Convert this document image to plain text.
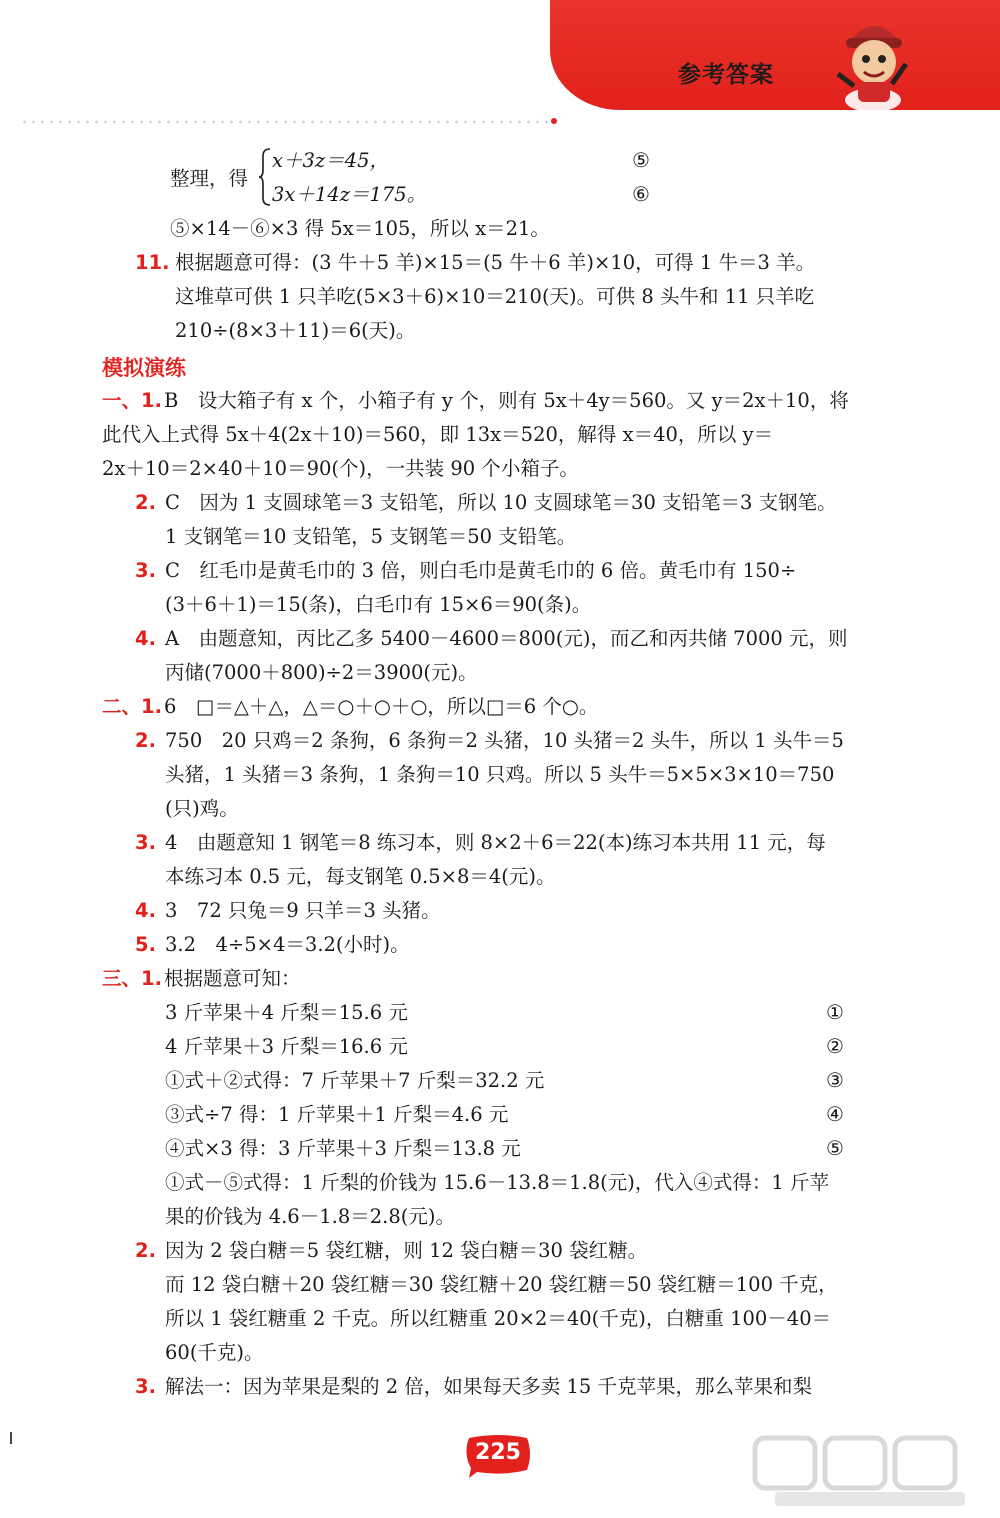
参考答案
整理，得
x＋3z＝45，	⑤
3x＋14z＝175。	⑥
⑤×14－⑥×3 得 5x＝105，所以 x＝21。
11. 根据题意可得：(3 牛＋5 羊)×15＝(5 牛＋6 羊)×10，可得 1 牛＝3 羊。
这堆草可供 1 只羊吃(5×3＋6)×10＝210(天)。可供 8 头牛和 11 只羊吃
210÷(8×3＋11)＝6(天)。
模拟演练
一、1. B　设大箱子有 x 个，小箱子有 y 个，则有 5x＋4y＝560。又 y＝2x＋10，将
此代入上式得 5x＋4(2x＋10)＝560，即 13x＝520，解得 x＝40，所以 y＝
2x＋10＝2×40＋10＝90(个)，一共装 90 个小箱子。
2. C　因为 1 支圆球笔＝3 支铅笔，所以 10 支圆球笔＝30 支铅笔＝3 支钢笔。
1 支钢笔＝10 支铅笔，5 支钢笔＝50 支铅笔。
3. C　红毛巾是黄毛巾的 3 倍，则白毛巾是黄毛巾的 6 倍。黄毛巾有 150÷
(3＋6＋1)＝15(条)，白毛巾有 15×6＝90(条)。
4. A　由题意知，丙比乙多 5400－4600＝800(元)，而乙和丙共储 7000 元，则
丙储(7000＋800)÷2＝3900(元)。
二、1. 6　□＝△＋△，△＝○＋○＋○，所以□＝6 个○。
2. 750　20 只鸡＝2 条狗，6 条狗＝2 头猪，10 头猪＝2 头牛，所以 1 头牛＝5
头猪，1 头猪＝3 条狗，1 条狗＝10 只鸡。所以 5 头牛＝5×5×3×10＝750
(只)鸡。
3. 4　由题意知 1 钢笔＝8 练习本，则 8×2＋6＝22(本)练习本共用 11 元，每
本练习本 0.5 元，每支钢笔 0.5×8＝4(元)。
4. 3　72 只兔＝9 只羊＝3 头猪。
5. 3.2　4÷5×4＝3.2(小时)。
三、1. 根据题意可知：
3 斤苹果＋4 斤梨＝15.6 元
4 斤苹果＋3 斤梨＝16.6 元
①式＋②式得：7 斤苹果＋7 斤梨＝32.2 元
③式÷7 得：1 斤苹果＋1 斤梨＝4.6 元
④式×3 得：3 斤苹果＋3 斤梨＝13.8 元
①式－⑤式得：1 斤梨的价钱为 15.6－13.8＝1.8(元)，代入④式得：1 斤苹
果的价钱为 4.6－1.8＝2.8(元)。
2. 因为 2 袋白糖＝5 袋红糖，则 12 袋白糖＝30 袋红糖。
而 12 袋白糖＋20 袋红糖＝30 袋红糖＋20 袋红糖＝50 袋红糖＝100 千克，
所以 1 袋红糖重 2 千克。所以红糖重 20×2＝40(千克)，白糖重 100－40＝
60(千克)。
3. 解法一：因为苹果是梨的 2 倍，如果每天多卖 15 千克苹果，那么苹果和梨
①
②
③
④
⑤
225
